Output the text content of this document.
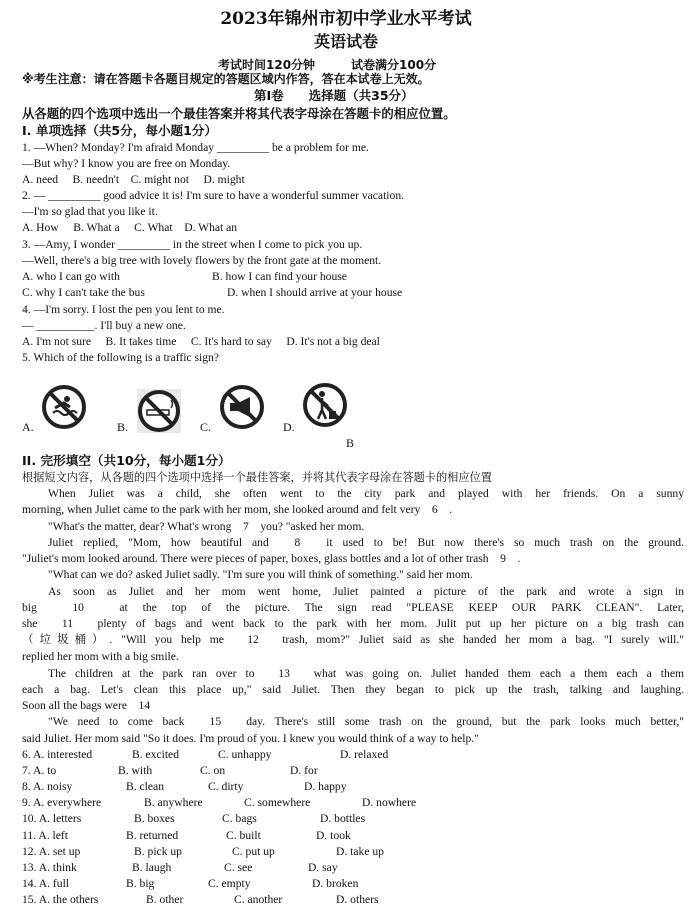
2023年锦州市初中学业水平考试
英语试卷
考试时间120分钟　　　试卷满分100分
※考生注意：请在答题卡各题目规定的答题区域内作答，答在本试卷上无效。
第Ⅰ卷　　选择题（共35分）
从各题的四个选项中选出一个最佳答案并将其代表字母涂在答题卡的相应位置。
I. 单项选择（共5分，每小题1分）
1. —When? Monday? I'm afraid Monday _________ be a problem for me.
—But why? I know you are free on Monday.
A. need　 B. needn't　C. might not　 D. might
2. — _________ good advice it is! I'm sure to have a wonderful summer vacation.
—I'm so glad that you like it.
A. How　 B. What a　 C. What　D. What an
3. —Amy, I wonder _________ in the street when I come to pick you up.
—Well, there's a big tree with lovely flowers by the front gate at the moment.
A. who I can go with	B. how I can find your house
C. why I can't take the bus	D. when I should arrive at your house
4. —I'm sorry. I lost the pen you lent to me.
— __________. I'll buy a new one.
A. I'm not sure　 B. It takes time　 C. It's hard to say　 D. It's not a big deal
5. Which of the following is a traffic sign?
A.	B.	C.	D.
B
II. 完形填空（共10分，每小题1分）
根据短文内容，从各题的四个选项中选择一个最佳答案，并将其代表字母涂在答题卡的相应位置
When Juliet was a child, she often went to the city park and played with her friends. On a sunny
morning, when Juliet came to the park with her mom, she looked around and felt very　6　.
"What's the matter, dear? What's wrong　7　you? "asked her mom.
Juliet replied, "Mom, how beautiful and　8　it used to be! But now there's so much trash on the ground.
"Juliet's mom looked around. There were pieces of paper, boxes, glass bottles and a lot of other trash　9　.
"What can we do? asked Juliet sadly. "I'm sure you will think of something." said her mom.
As soon as Juliet and her mom went home, Juliet painted a picture of the park and wrote a sign in
big　10　at the top of the picture. The sign read "PLEASE KEEP OUR PARK CLEAN". Later,
she　11　plenty of bags and went back to the park with her mom. Julit put up her picture on a big trash can
（垃圾桶）. "Will you help me　12　trash, mom?" Juliet said as she handed her mom a bag. "I surely will."
replied her mom with a big smile.
The children at the park ran over to　13　what was going on. Juliet handed them each a them each a them
each a bag. Let's clean this place up," said Juliet. Then they began to pick up the trash, talking and laughing.
Soon all the bags were　14
"We need to come back　15　day. There's still some trash on the ground, but the park looks much better,"
said Juliet. Her mom said "So it does. I'm proud of you. I knew you would think of a way to help."
6. A. interested	B. excited	C. unhappy	D. relaxed
7. A. to	B. with	C. on	D. for
8. A. noisy	B. clean	C. dirty	D. happy
9. A. everywhere	B. anywhere	C. somewhere	D. nowhere
10. A. letters	B. boxes	C. bags	D. bottles
11. A. left	B. returned	C. built	D. took
12. A. set up	B. pick up	C. put up	D. take up
13. A. think	B. laugh	C. see	D. say
14. A. full	B. big	C. empty	D. broken
15. A. the others	B. other	C. another	D. others
